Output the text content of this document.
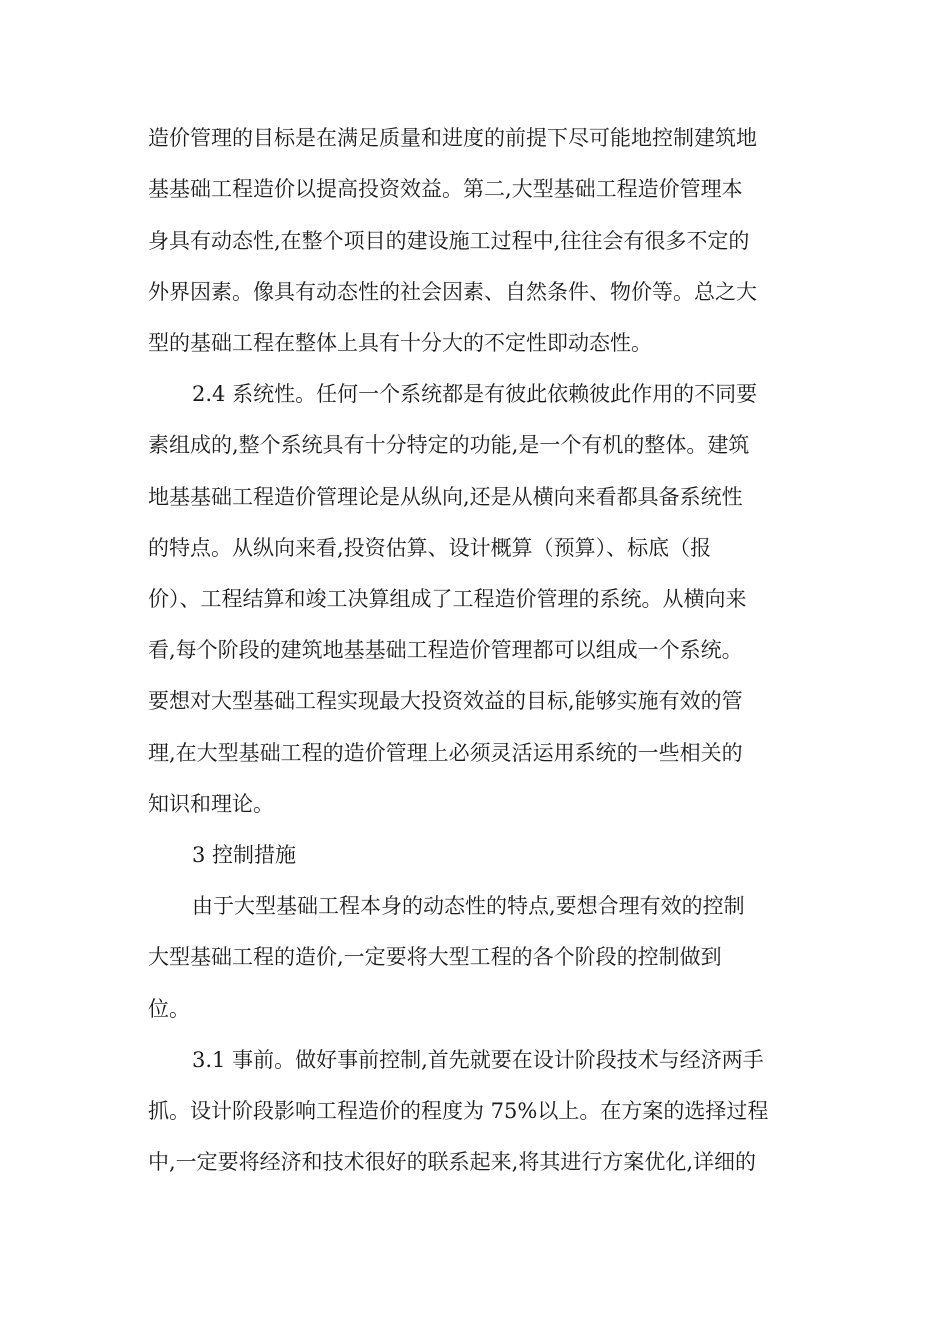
造价管理的目标是在满足质量和进度的前提下尽可能地控制建筑地

基基础工程造价以提高投资效益。第二,大型基础工程造价管理本

身具有动态性,在整个项目的建设施工过程中,往往会有很多不定的

外界因素。像具有动态性的社会因素、自然条件、物价等。总之大

型的基础工程在整体上具有十分大的不定性即动态性。

2.4 系统性。任何一个系统都是有彼此依赖彼此作用的不同要

素组成的,整个系统具有十分特定的功能,是一个有机的整体。建筑

地基基础工程造价管理论是从纵向,还是从横向来看都具备系统性

的特点。从纵向来看,投资估算、设计概算（预算）、标底（报

价）、工程结算和竣工决算组成了工程造价管理的系统。从横向来

看,每个阶段的建筑地基基础工程造价管理都可以组成一个系统。

要想对大型基础工程实现最大投资效益的目标,能够实施有效的管

理,在大型基础工程的造价管理上必须灵活运用系统的一些相关的

知识和理论。

3 控制措施

由于大型基础工程本身的动态性的特点,要想合理有效的控制

大型基础工程的造价,一定要将大型工程的各个阶段的控制做到

位。

3.1 事前。做好事前控制,首先就要在设计阶段技术与经济两手

抓。设计阶段影响工程造价的程度为 75%以上。在方案的选择过程

中,一定要将经济和技术很好的联系起来,将其进行方案优化,详细的
